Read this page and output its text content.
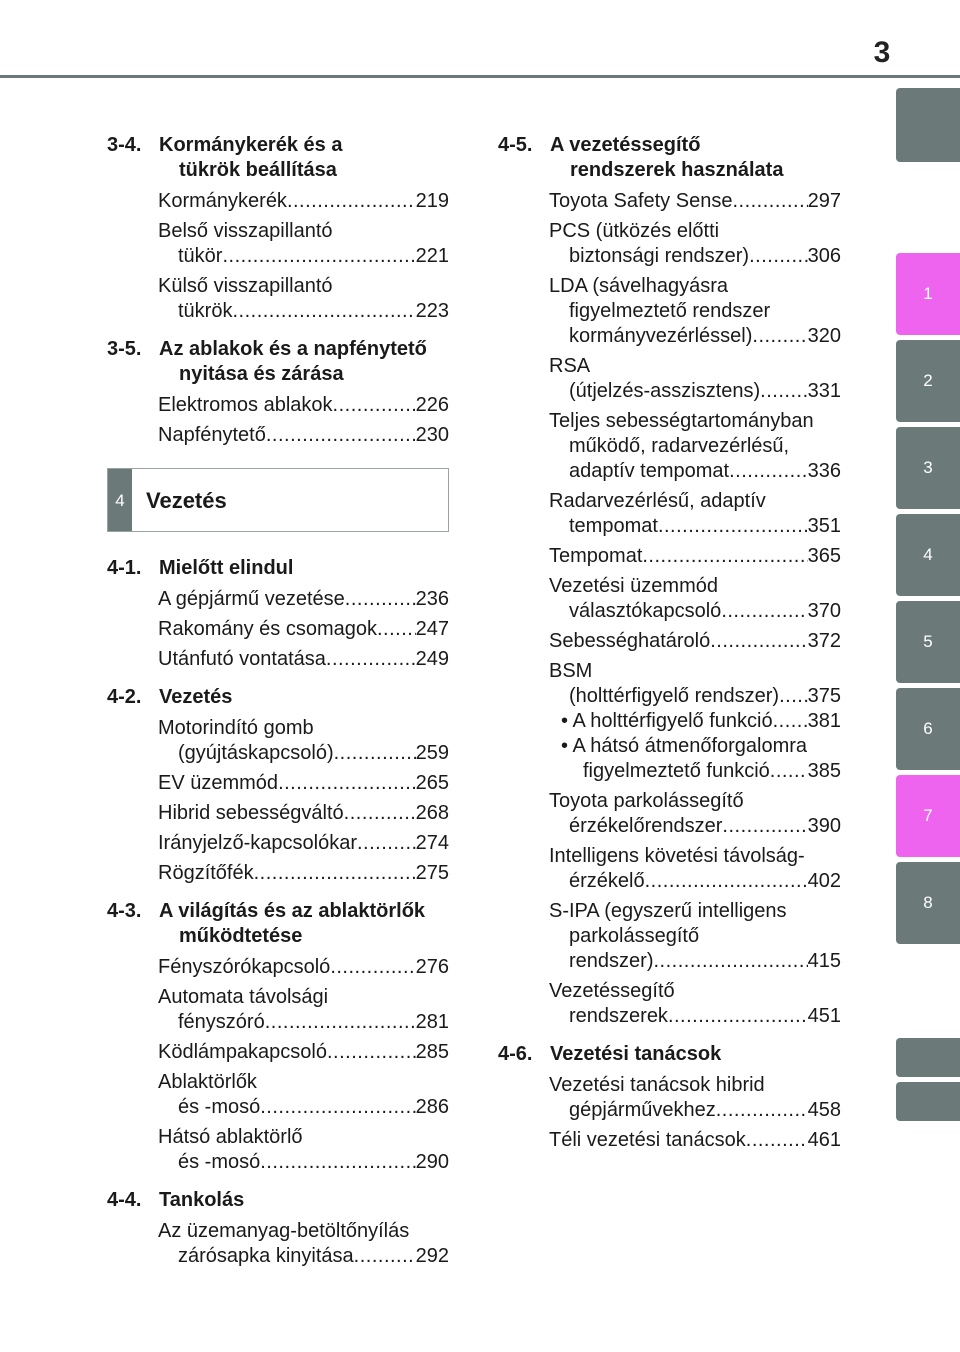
3
1
2
3
4
5
6
7
8
3-4. Kormánykerék és a
tükrök beállítása
Kormánykerék .....	219
Belső visszapillantó
tükör .....	221
Külső visszapillantó
tükrök .....	223
3-5. Az ablakok és a napfénytető
nyitása és zárása
Elektromos ablakok .....	226
Napfénytető .....	230
4 Vezetés
4-1. Mielőtt elindul
A gépjármű vezetése .....	236
Rakomány és csomagok ..... 247
Utánfutó vontatása .....	249
4-2. Vezetés
Motorindító gomb
(gyújtáskapcsoló) .....	259
EV üzemmód .....	265
Hibrid sebességváltó .....	268
Irányjelző-kapcsolókar .....	274
Rögzítőfék .....	275
4-3. A világítás és az ablaktörlők
működtetése
Fényszórókapcsoló .....	276
Automata távolsági
fényszóró .....	281
Ködlámpakapcsoló .....	285
Ablaktörlők
és -mosó .....	286
Hátsó ablaktörlő
és -mosó .....	290
4-4. Tankolás
Az üzemanyag-betöltőnyílás
zárósapka kinyitása .....	292
4-5. A vezetéssegítő
rendszerek használata
Toyota Safety Sense .....	297
PCS (ütközés előtti
biztonsági rendszer) .....	306
LDA (sávelhagyásra
figyelmeztető rendszer
kormányvezérléssel) .....	320
RSA
(útjelzés-asszisztens) ..... 331
Teljes sebességtartományban
működő, radarvezérlésű,
adaptív tempomat .....	336
Radarvezérlésű, adaptív
tempomat .....	351
Tempomat .....	365
Vezetési üzemmód
választókapcsoló .....	370
Sebességhatároló .....	372
BSM
(holttérfigyelő rendszer) ..... 375
• A holttérfigyelő funkció ..... 381
• A hátsó átmenőforgalomra
figyelmeztető funkció ..... 385
Toyota parkolássegítő
érzékelőrendszer .....	390
Intelligens követési távolság-
érzékelő .....	402
S-IPA (egyszerű intelligens
parkolássegítő
rendszer) .....	415
Vezetéssegítő
rendszerek .....	451
4-6. Vezetési tanácsok
Vezetési tanácsok hibrid
gépjárművekhez .....	458
Téli vezetési tanácsok .....	461
